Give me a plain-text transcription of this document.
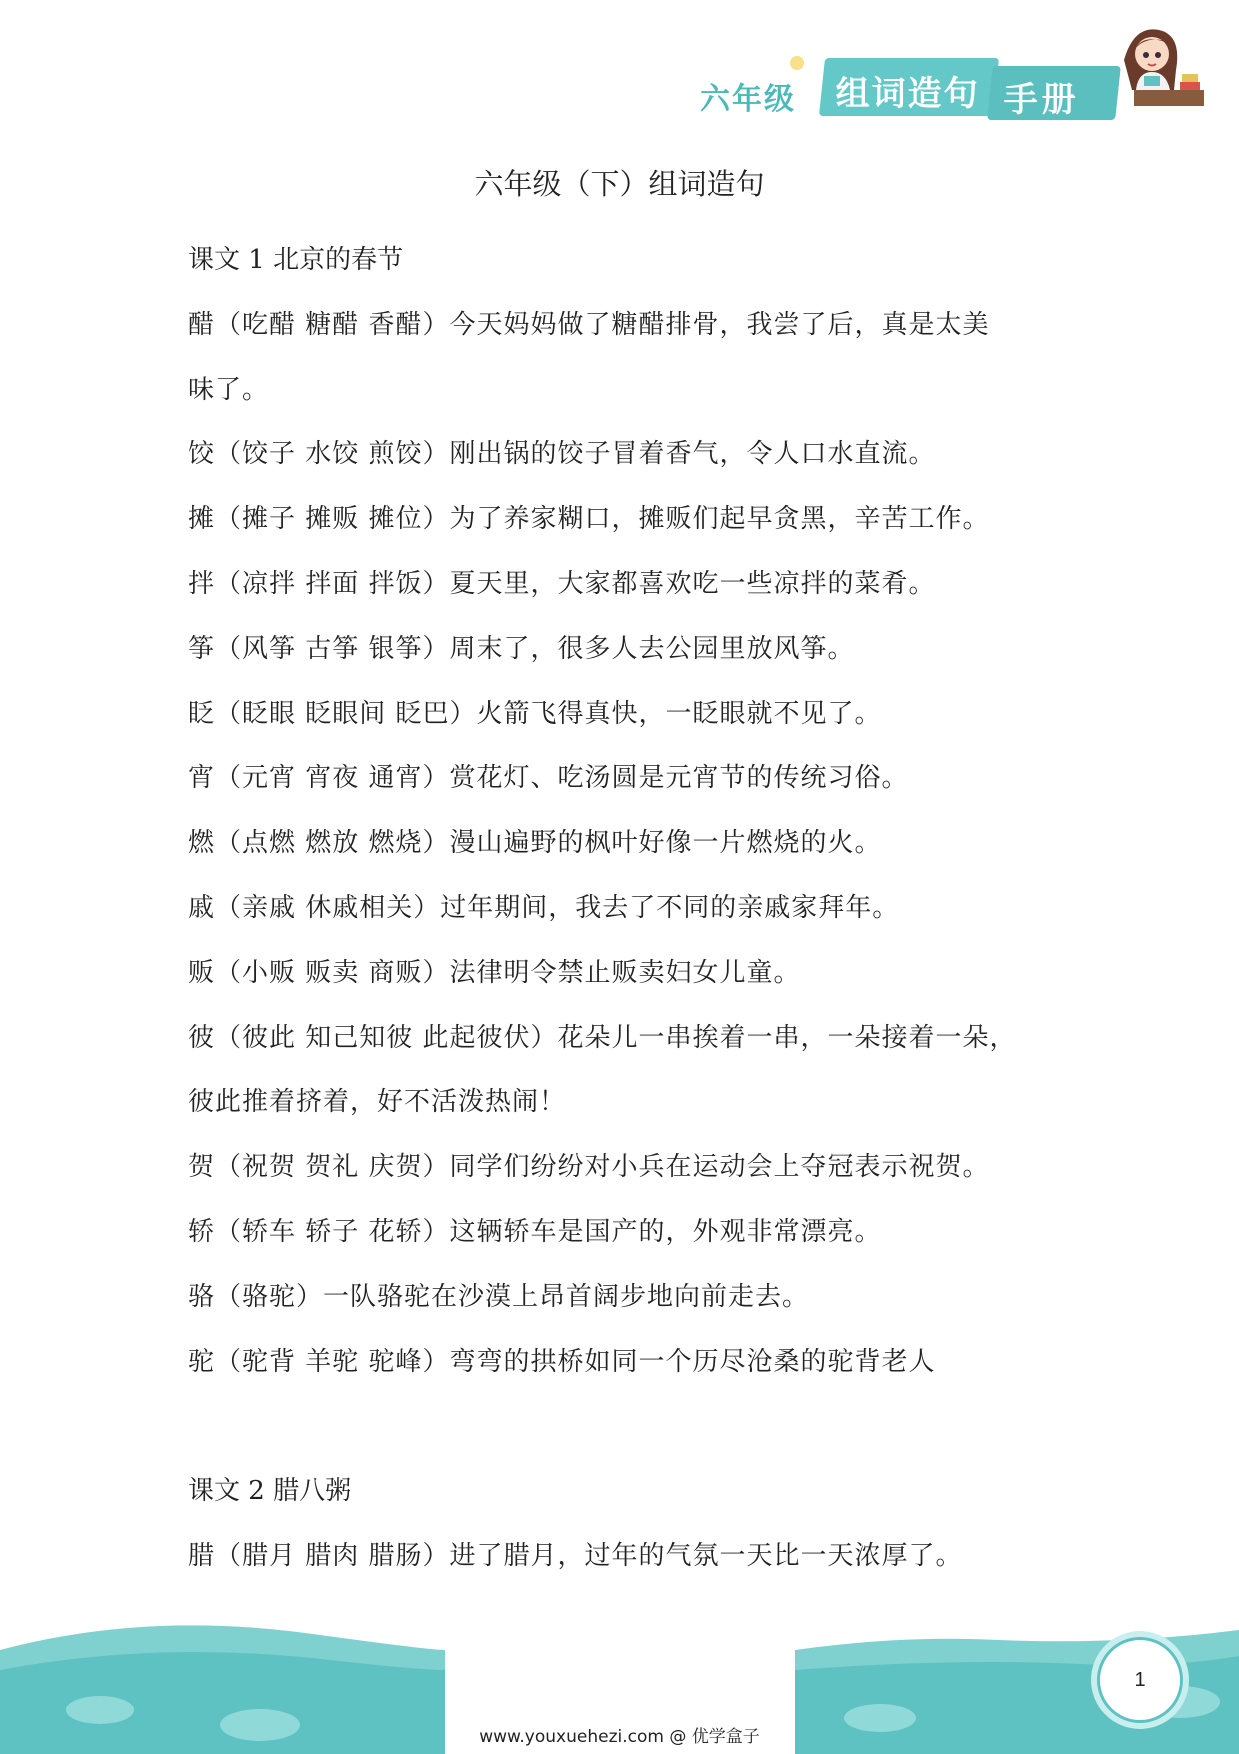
六年级 组词造句 手册
六年级（下）组词造句
课文 1 北京的春节
醋（吃醋 糖醋 香醋）今天妈妈做了糖醋排骨，我尝了后，真是太美
味了。
饺（饺子 水饺 煎饺）刚出锅的饺子冒着香气，令人口水直流。
摊（摊子 摊贩 摊位）为了养家糊口，摊贩们起早贪黑，辛苦工作。
拌（凉拌 拌面 拌饭）夏天里，大家都喜欢吃一些凉拌的菜肴。
筝（风筝 古筝 银筝）周末了，很多人去公园里放风筝。
眨（眨眼 眨眼间 眨巴）火箭飞得真快，一眨眼就不见了。
宵（元宵 宵夜 通宵）赏花灯、吃汤圆是元宵节的传统习俗。
燃（点燃 燃放 燃烧）漫山遍野的枫叶好像一片燃烧的火。
戚（亲戚 休戚相关）过年期间，我去了不同的亲戚家拜年。
贩（小贩 贩卖 商贩）法律明令禁止贩卖妇女儿童。
彼（彼此 知己知彼 此起彼伏）花朵儿一串挨着一串，一朵接着一朵，
彼此推着挤着，好不活泼热闹！
贺（祝贺 贺礼 庆贺）同学们纷纷对小兵在运动会上夺冠表示祝贺。
轿（轿车 轿子 花轿）这辆轿车是国产的，外观非常漂亮。
骆（骆驼）一队骆驼在沙漠上昂首阔步地向前走去。
驼（驼背 羊驼 驼峰）弯弯的拱桥如同一个历尽沧桑的驼背老人
课文 2 腊八粥
腊（腊月 腊肉 腊肠）进了腊月，过年的气氛一天比一天浓厚了。
1
www.youxuehezi.com @ 优学盒子
